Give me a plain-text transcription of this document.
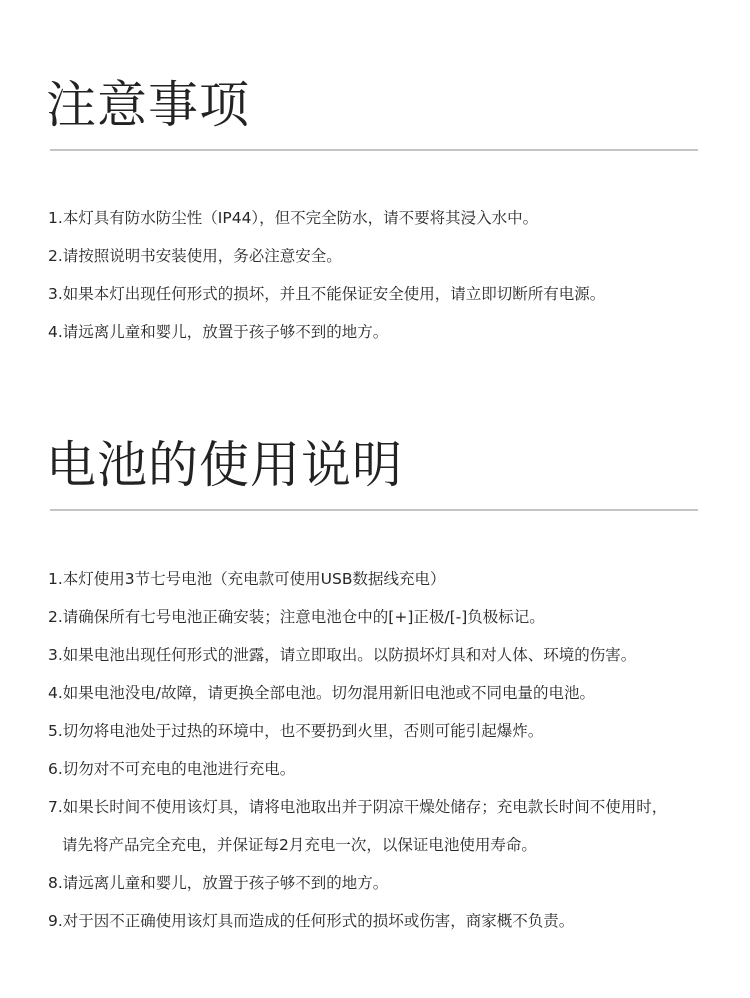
注意事项
1.本灯具有防水防尘性（IP44），但不完全防水，请不要将其浸入水中。
2.请按照说明书安装使用，务必注意安全。
3.如果本灯出现任何形式的损坏，并且不能保证安全使用，请立即切断所有电源。
4.请远离儿童和婴儿，放置于孩子够不到的地方。
电池的使用说明
1.本灯使用3节七号电池（充电款可使用USB数据线充电）
2.请确保所有七号电池正确安装；注意电池仓中的[+]正极/[-]负极标记。
3.如果电池出现任何形式的泄露，请立即取出。以防损坏灯具和对人体、环境的伤害。
4.如果电池没电/故障，请更换全部电池。切勿混用新旧电池或不同电量的电池。
5.切勿将电池处于过热的环境中，也不要扔到火里，否则可能引起爆炸。
6.切勿对不可充电的电池进行充电。
7.如果长时间不使用该灯具，请将电池取出并于阴凉干燥处储存；充电款长时间不使用时，
请先将产品完全充电，并保证每2月充电一次，以保证电池使用寿命。
8.请远离儿童和婴儿，放置于孩子够不到的地方。
9.对于因不正确使用该灯具而造成的任何形式的损坏或伤害，商家概不负责。
